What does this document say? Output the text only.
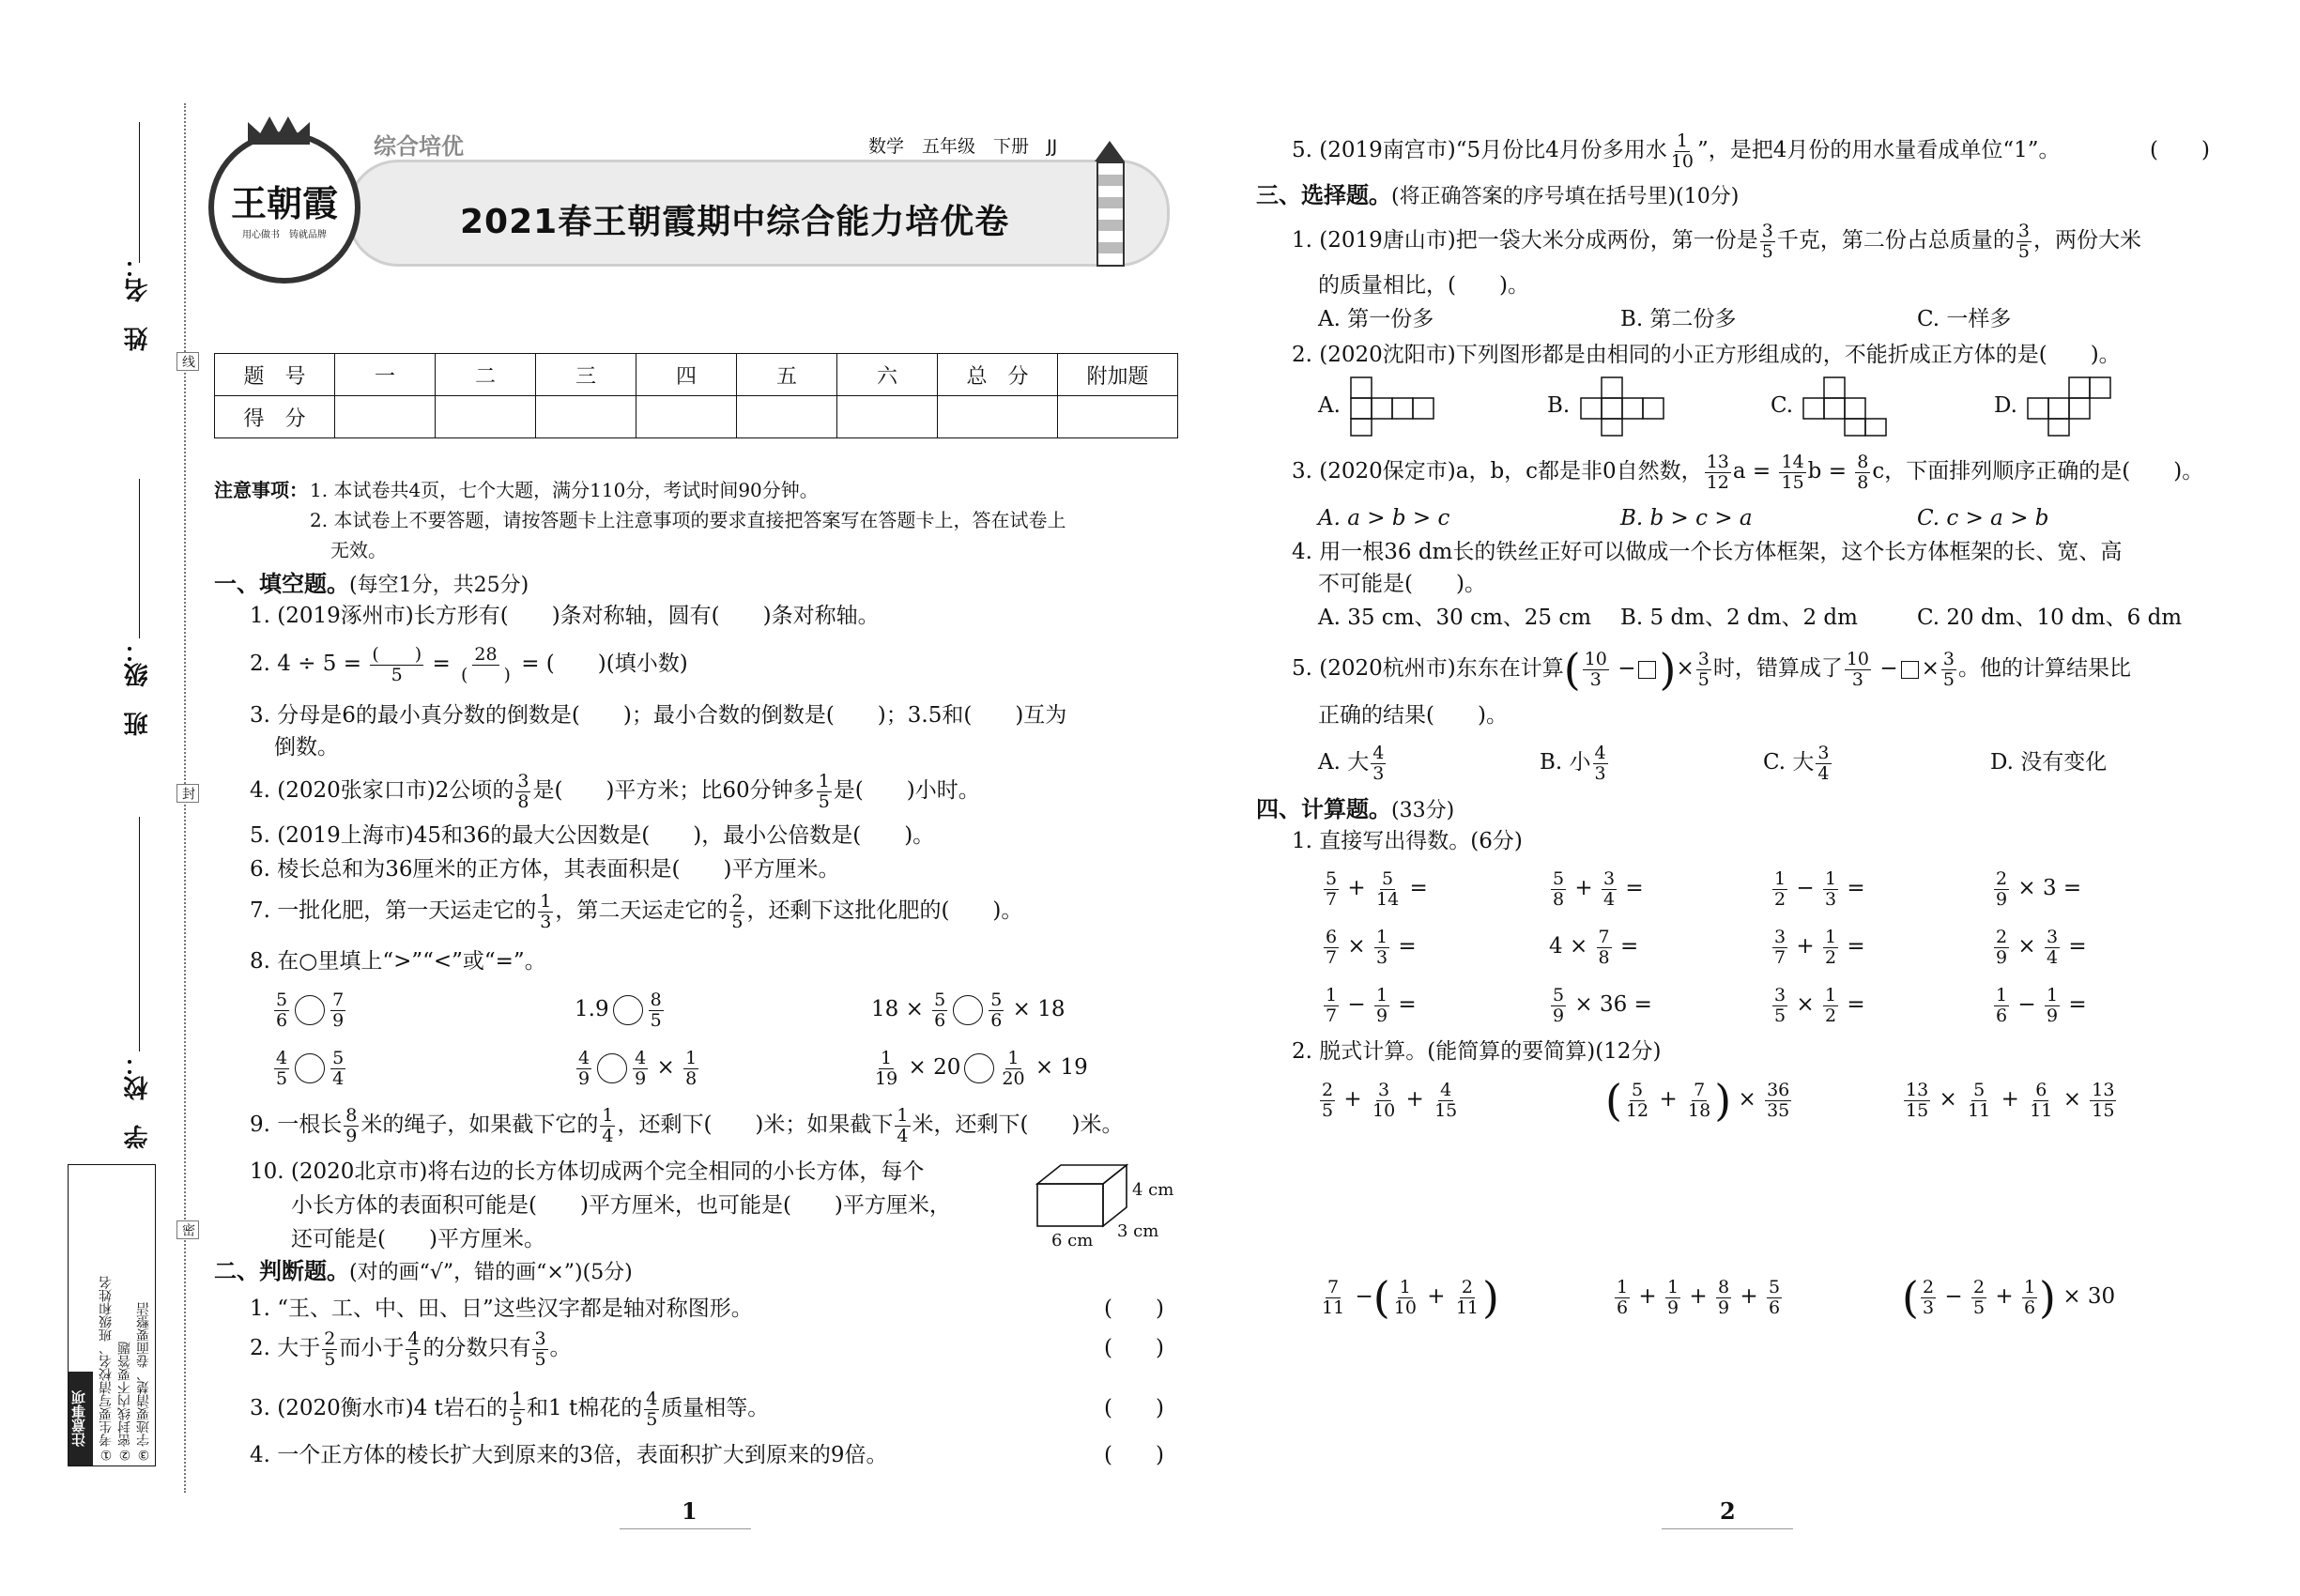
姓　名：
班　级：
学　校：
线
封
密
注意事项 ①考生要写清校名、班级和姓名 ②密封线内不要答题 ③字迹要清楚、卷面要整洁
王朝霞
用心做书　铸就品牌
综合培优	数学　五年级　下册　JJ
2021春王朝霞期中综合能力培优卷
题　号	一	二	三	四	五	六	总　分	附加题
得　分								
注意事项： 1. 本试卷共4页，七个大题，满分110分，考试时间90分钟。
2. 本试卷上不要答题，请按答题卡上注意事项的要求直接把答案写在答题卡上，答在试卷上
无效。
一、填空题。(每空1分，共25分)
1. (2019涿州市)长方形有(　　)条对称轴，圆有(　　)条对称轴。
2. $4 \div 5 = \frac{( )}{5} = \frac{28}{( )}$ = (　　)(填小数)
3. 分母是6的最小真分数的倒数是(　　)；最小合数的倒数是(　　)；3.5和(　　)互为
倒数。
4. (2020张家口市)2公顷的 $\frac{3}{8}$ 是(　　)平方米；比60分钟多 $\frac{1}{5}$ 是(　　)小时。
5. (2019上海市)45和36的最大公因数是(　　)，最小公倍数是(　　)。
6. 棱长总和为36厘米的正方体，其表面积是(　　)平方厘米。
7. 一批化肥，第一天运走它的 $\frac{1}{3}$ ，第二天运走它的 $\frac{2}{5}$ ，还剩下这批化肥的(　　)。
8. 在○里填上“>”“<”或“=”。
$\frac{5}{6} \frac{7}{9}$	$1.9 \frac{8}{5}$	$18 \times \frac{5}{6} \frac{5}{6} \times 18$
$\frac{4}{5} \frac{5}{4}$	$\frac{4}{9} \frac{4}{9} \times \frac{1}{8}$	$\frac{1}{19} \times 20 \frac{1}{20} \times 19$
9. 一根长 $\frac{8}{9}$ 米的绳子，如果截下它的 $\frac{1}{4}$ ，还剩下(　　)米；如果截下 $\frac{1}{4}$ 米，还剩下(　　)米。
10. (2020北京市)将右边的长方体切成两个完全相同的小长方体，每个
小长方体的表面积可能是(　　)平方厘米，也可能是(　　)平方厘米，
还可能是(　　)平方厘米。
4 cm
3 cm
6 cm
二、判断题。(对的画“√”，错的画“×”)(5分)
1. “王、工、中、田、日”这些汉字都是轴对称图形。	(　　)
2. 大于 $\frac{2}{5}$ 而小于 $\frac{4}{5}$ 的分数只有 $\frac{3}{5}$ 。	(　　)
3. (2020衡水市)4 t岩石的 $\frac{1}{5}$ 和1 t棉花的 $\frac{4}{5}$ 质量相等。	(　　)
4. 一个正方体的棱长扩大到原来的3倍，表面积扩大到原来的9倍。	(　　)
1
5. (2019南宫市)“5月份比4月份多用水 $\frac{1}{10}$ ”，是把4月份的用水量看成单位“1”。	(　　)
三、选择题。(将正确答案的序号填在括号里)(10分)
1. (2019唐山市)把一袋大米分成两份，第一份是 $\frac{3}{5}$ 千克，第二份占总质量的 $\frac{3}{5}$ ，两份大米
的质量相比，(　　)。
A. 第一份多	B. 第二份多	C. 一样多
2. (2020沈阳市)下列图形都是由相同的小正方形组成的，不能折成正方体的是(　　)。
A.	B.	C.	D.
3. (2020保定市)a，b，c都是非0自然数， $\frac{13}{12}$ $a = \frac{14}{15}$ $b = \frac{8}{8}$ c，下面排列顺序正确的是(　　)。
A. a > b > c	B. b > c > a	C. c > a > b
4. 用一根36 dm长的铁丝正好可以做成一个长方体框架，这个长方体框架的长、宽、高
不可能是(　　)。
A. 35 cm、30 cm、25 cm B. 5 dm、2 dm、2 dm	C. 20 dm、10 dm、6 dm
5. (2020杭州市)东东在计算( $\frac{10}{3}$ − )× $\frac{3}{5}$ 时，错算成了 $\frac{10}{3}$ − × $\frac{3}{5}$ 。他的计算结果比
正确的结果(　　)。
A. 大 $\frac{4}{3}$	B. 小 $\frac{4}{3}$	C. 大 $\frac{3}{4}$	D. 没有变化
四、计算题。(33分)
1. 直接写出得数。(6分)
$\frac{5}{7} + \frac{5}{14}$ =	$\frac{5}{8} + \frac{3}{4}$ =	$\frac{1}{2} - \frac{1}{3}$ =	$\frac{2}{9} \times 3$ =
$\frac{6}{7} \times \frac{1}{3}$ =	$4 \times \frac{7}{8}$ =	$\frac{3}{7} + \frac{1}{2}$ =	$\frac{2}{9} \times \frac{3}{4}$ =
$\frac{1}{7} - \frac{1}{9}$ =	$\frac{5}{9} \times 36$ =	$\frac{3}{5} \times \frac{1}{2}$ =	$\frac{1}{6} - \frac{1}{9}$ =
2. 脱式计算。(能简算的要简算)(12分)
$\frac{2}{5} + \frac{3}{10} + \frac{4}{15}$	( $\frac{5}{12} + \frac{7}{18}$ ) × $\frac{36}{35}$	$\frac{13}{15} \times \frac{5}{11} + \frac{6}{11} \times \frac{13}{15}$
$\frac{7}{11}$ −( $\frac{1}{10} + \frac{2}{11}$ )	$\frac{1}{6} + \frac{1}{9} + \frac{8}{9} + \frac{5}{6}$	( $\frac{2}{3} - \frac{2}{5} + \frac{1}{6}$ ) × 30
2
